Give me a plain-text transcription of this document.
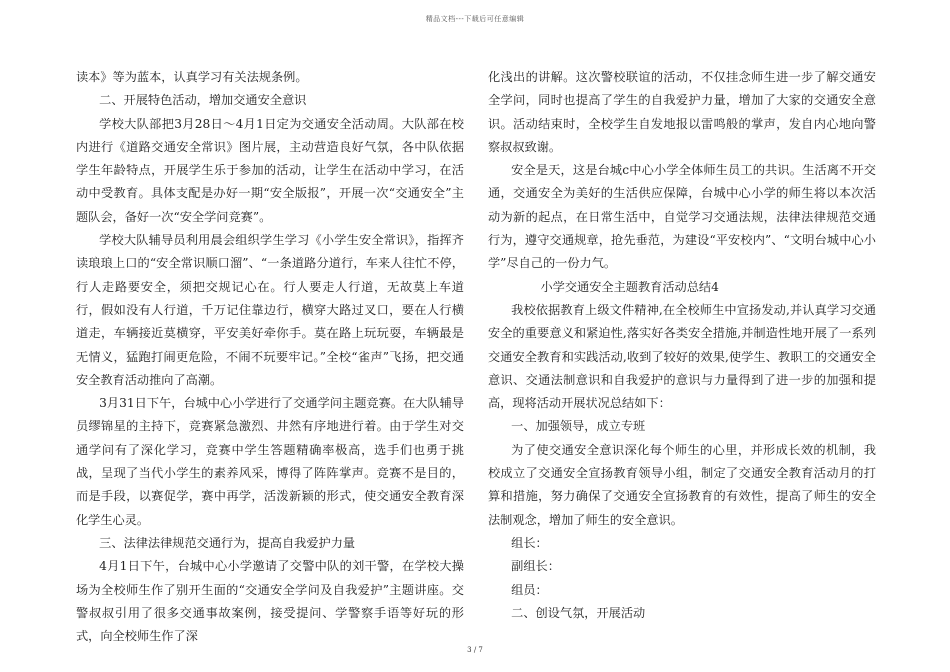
精品文档---下载后可任意编辑

读本》等为蓝本，认真学习有关法规条例。

二、开展特色活动，增加交通安全意识

学校大队部把3月28日～4月1日定为交通安全活动周。大队部在校内进行《道路交通安全常识》图片展，主动营造良好气氛，各中队依据学生年龄特点，开展学生乐于参加的活动，让学生在活动中学习，在活动中受教育。具体支配是办好一期“安全版报”，开展一次“交通安全”主题队会，备好一次“安全学问竞赛”。

学校大队辅导员利用晨会组织学生学习《小学生安全常识》，指挥齐读琅琅上口的“安全常识顺口溜”、“一条道路分道行，车来人往忙不停，行人走路要安全，须把交规记心在。行人要走人行道，无故莫上车道行，假如没有人行道，千万记住靠边行，横穿大路过叉口，要在人行横道走，车辆接近莫横穿，平安美好牵你手。莫在路上玩玩耍，车辆最是无情义，猛跑打闹更危险，不闹不玩要牢记。”全校“雀声”飞扬，把交通安全教育活动推向了高潮。

3月31日下午，台城中心小学进行了交通学问主题竞赛。在大队辅导员缪锦星的主持下，竞赛紧急激烈、井然有序地进行着。由于学生对交通学问有了深化学习，竞赛中学生答题精确率极高，选手们也勇于挑战，呈现了当代小学生的素养风采，博得了阵阵掌声。竞赛不是目的，而是手段，以赛促学，赛中再学，活泼新颖的形式，使交通安全教育深化学生心灵。

三、法律法律规范交通行为，提高自我爱护力量

4月1日下午，台城中心小学邀请了交警中队的刘干警，在学校大操场为全校师生作了别开生面的“交通安全学问及自我爱护”主题讲座。交警叔叔引用了很多交通事故案例，接受提问、学警察手语等好玩的形式，向全校师生作了深

化浅出的讲解。这次警校联谊的活动，不仅挂念师生进一步了解交通安全学问，同时也提高了学生的自我爱护力量，增加了大家的交通安全意识。活动结束时，全校学生自发地报以雷鸣般的掌声，发自内心地向警察叔叔致谢。

安全是天，这是台城c中心小学全体师生员工的共识。生活离不开交通，交通安全为美好的生活供应保障，台城中心小学的师生将以本次活动为新的起点，在日常生活中，自觉学习交通法规，法律法律规范交通行为，遵守交通规章，抢先垂范，为建设“平安校内”、“文明台城中心小学”尽自己的一份力气。

小学交通安全主题教育活动总结4

我校依据教育上级文件精神,在全校师生中宣扬发动,并认真学习交通安全的重要意义和紧迫性,落实好各类安全措施,并制造性地开展了一系列交通安全教育和实践活动,收到了较好的效果,使学生、教职工的交通安全意识、交通法制意识和自我爱护的意识与力量得到了进一步的加强和提高，现将活动开展状况总结如下：

一、加强领导，成立专班

为了使交通安全意识深化每个师生的心里，并形成长效的机制，我校成立了交通安全宣扬教育领导小组，制定了交通安全教育活动月的打算和措施，努力确保了交通安全宣扬教育的有效性，提高了师生的安全法制观念，增加了师生的安全意识。

组长：

副组长：

组员：

二、创设气氛，开展活动

3 / 7
